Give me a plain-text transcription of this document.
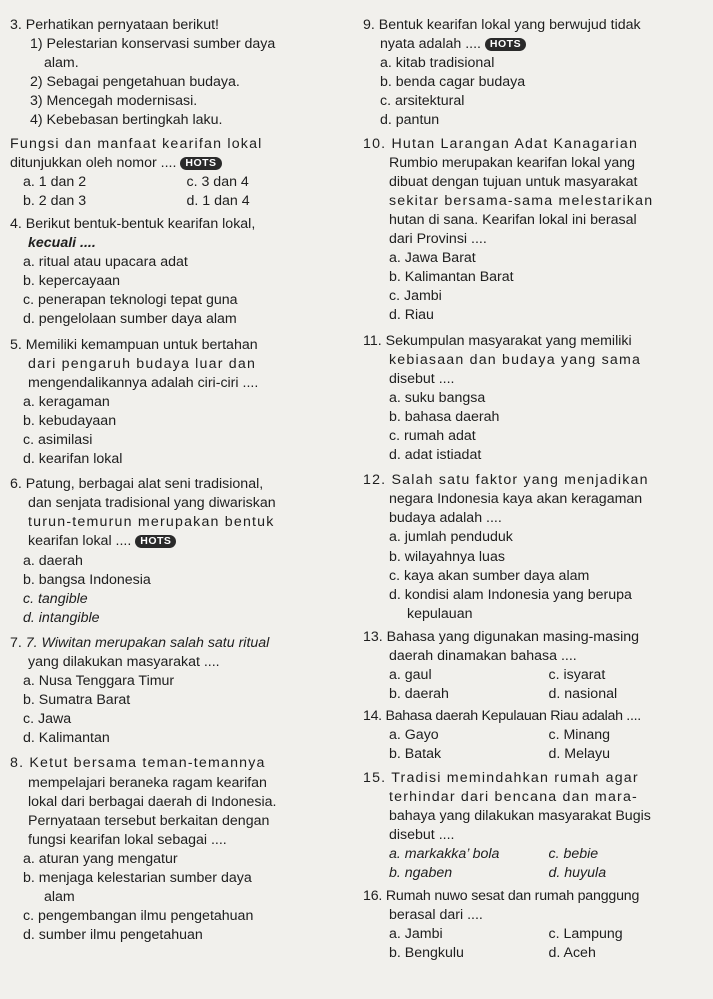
3. Perhatikan pernyataan berikut!
1) Pelestarian konservasi sumber daya
alam.
2) Sebagai pengetahuan budaya.
3) Mencegah modernisasi.
4) Kebebasan bertingkah laku.
Fungsi dan manfaat kearifan lokal
ditunjukkan oleh nomor .... HOTS
a. 1 dan 2	c. 3 dan 4
b. 2 dan 3	d. 1 dan 4
4. Berikut bentuk-bentuk kearifan lokal,
kecuali ....
a. ritual atau upacara adat
b. kepercayaan
c. penerapan teknologi tepat guna
d. pengelolaan sumber daya alam
5. Memiliki kemampuan untuk bertahan
dari pengaruh budaya luar dan
mengendalikannya adalah ciri-ciri ....
a. keragaman
b. kebudayaan
c. asimilasi
d. kearifan lokal
6. Patung, berbagai alat seni tradisional,
dan senjata tradisional yang diwariskan
turun-temurun merupakan bentuk
kearifan lokal .... HOTS
a. daerah
b. bangsa Indonesia
c. tangible
d. intangible
7. 7. Wiwitan merupakan salah satu ritual
yang dilakukan masyarakat ....
a. Nusa Tenggara Timur
b. Sumatra Barat
c. Jawa
d. Kalimantan
8. Ketut bersama teman-temannya
mempelajari beraneka ragam kearifan
lokal dari berbagai daerah di Indonesia.
Pernyataan tersebut berkaitan dengan
fungsi kearifan lokal sebagai ....
a. aturan yang mengatur
b. menjaga kelestarian sumber daya
alam
c. pengembangan ilmu pengetahuan
d. sumber ilmu pengetahuan
9. Bentuk kearifan lokal yang berwujud tidak
nyata adalah .... HOTS
a. kitab tradisional
b. benda cagar budaya
c. arsitektural
d. pantun
10. Hutan Larangan Adat Kanagarian
Rumbio merupakan kearifan lokal yang
dibuat dengan tujuan untuk masyarakat
sekitar bersama-sama melestarikan
hutan di sana. Kearifan lokal ini berasal
dari Provinsi ....
a. Jawa Barat
b. Kalimantan Barat
c. Jambi
d. Riau
11. Sekumpulan masyarakat yang memiliki
kebiasaan dan budaya yang sama
disebut ....
a. suku bangsa
b. bahasa daerah
c. rumah adat
d. adat istiadat
12. Salah satu faktor yang menjadikan
negara Indonesia kaya akan keragaman
budaya adalah ....
a. jumlah penduduk
b. wilayahnya luas
c. kaya akan sumber daya alam
d. kondisi alam Indonesia yang berupa
kepulauan
13. Bahasa yang digunakan masing-masing
daerah dinamakan bahasa ....
a. gaul	c. isyarat
b. daerah	d. nasional
14. Bahasa daerah Kepulauan Riau adalah ....
a. Gayo	c. Minang
b. Batak	d. Melayu
15. Tradisi memindahkan rumah agar
terhindar dari bencana dan mara-
bahaya yang dilakukan masyarakat Bugis
disebut ....
a. markakka’ bola	c. bebie
b. ngaben	d. huyula
16. Rumah nuwo sesat dan rumah panggung
berasal dari ....
a. Jambi	c. Lampung
b. Bengkulu	d. Aceh
